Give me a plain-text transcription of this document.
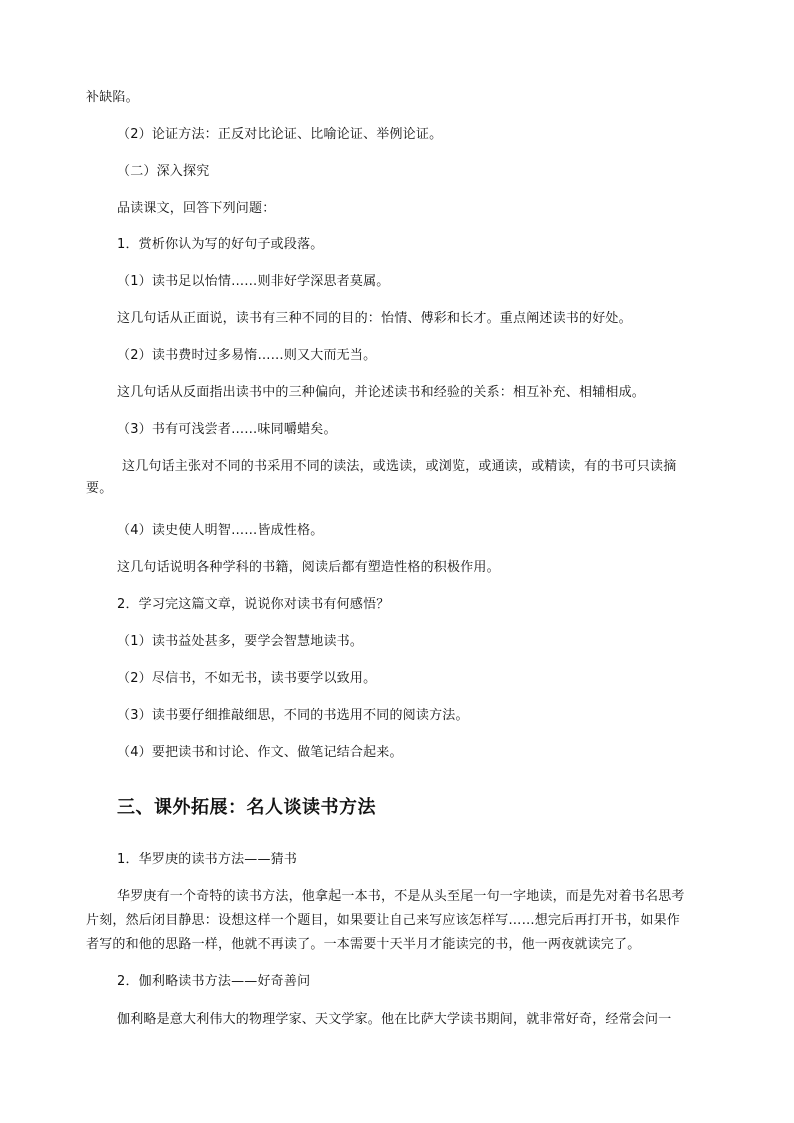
补缺陷。
（2）论证方法：正反对比论证、比喻论证、举例论证。
（二）深入探究
品读课文，回答下列问题：
1．赏析你认为写的好句子或段落。
（1）读书足以怡情……则非好学深思者莫属。
这几句话从正面说，读书有三种不同的目的：怡情、傅彩和长才。重点阐述读书的好处。
（2）读书费时过多易惰……则又大而无当。
这几句话从反面指出读书中的三种偏向，并论述读书和经验的关系：相互补充、相辅相成。
（3）书有可浅尝者……味同嚼蜡矣。
这几句话主张对不同的书采用不同的读法，或选读，或浏览，或通读，或精读，有的书可只读摘要。
（4）读史使人明智……皆成性格。
这几句话说明各种学科的书籍，阅读后都有塑造性格的积极作用。
2．学习完这篇文章，说说你对读书有何感悟？
（1）读书益处甚多，要学会智慧地读书。
（2）尽信书，不如无书，读书要学以致用。
（3）读书要仔细推敲细思，不同的书选用不同的阅读方法。
（4）要把读书和讨论、作文、做笔记结合起来。
三、课外拓展：名人谈读书方法
1．华罗庚的读书方法——猜书
华罗庚有一个奇特的读书方法，他拿起一本书，不是从头至尾一句一字地读，而是先对着书名思考片刻，然后闭目静思：设想这样一个题目，如果要让自己来写应该怎样写……想完后再打开书，如果作者写的和他的思路一样，他就不再读了。一本需要十天半月才能读完的书，他一两夜就读完了。
2．伽利略读书方法——好奇善问
伽利略是意大利伟大的物理学家、天文学家。他在比萨大学读书期间，就非常好奇，经常会问一
